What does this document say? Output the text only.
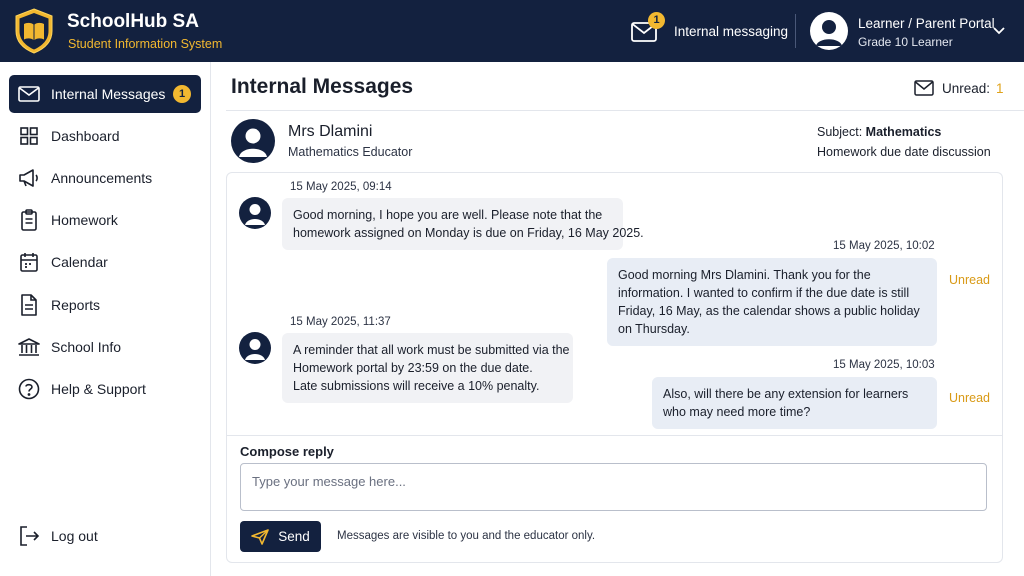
SchoolHub SA
Student Information System
1
Internal messaging	Learner / Parent Portal
Grade 10 Learner
Internal Messages	1
Dashboard
Announcements
Homework
Calendar
Reports
School Info
Help & Support
Log out
Internal Messages	Unread: 1
Mrs Dlamini
Mathematics Educator
Subject: Mathematics
Homework due date discussion
15 May 2025, 09:14
Good morning, I hope you are well. Please note that the
homework assigned on Monday is due on Friday, 16 May 2025.
15 May 2025, 10:02
Good morning Mrs Dlamini. Thank you for the
information. I wanted to confirm if the due date is still
Friday, 16 May, as the calendar shows a public holiday
on Thursday.
Unread
15 May 2025, 11:37
A reminder that all work must be submitted via the
Homework portal by 23:59 on the due date.
Late submissions will receive a 10% penalty.
15 May 2025, 10:03
Also, will there be any extension for learners
who may need more time?
Unread
Compose reply
Type your message here...
Send Messages are visible to you and the educator only.
